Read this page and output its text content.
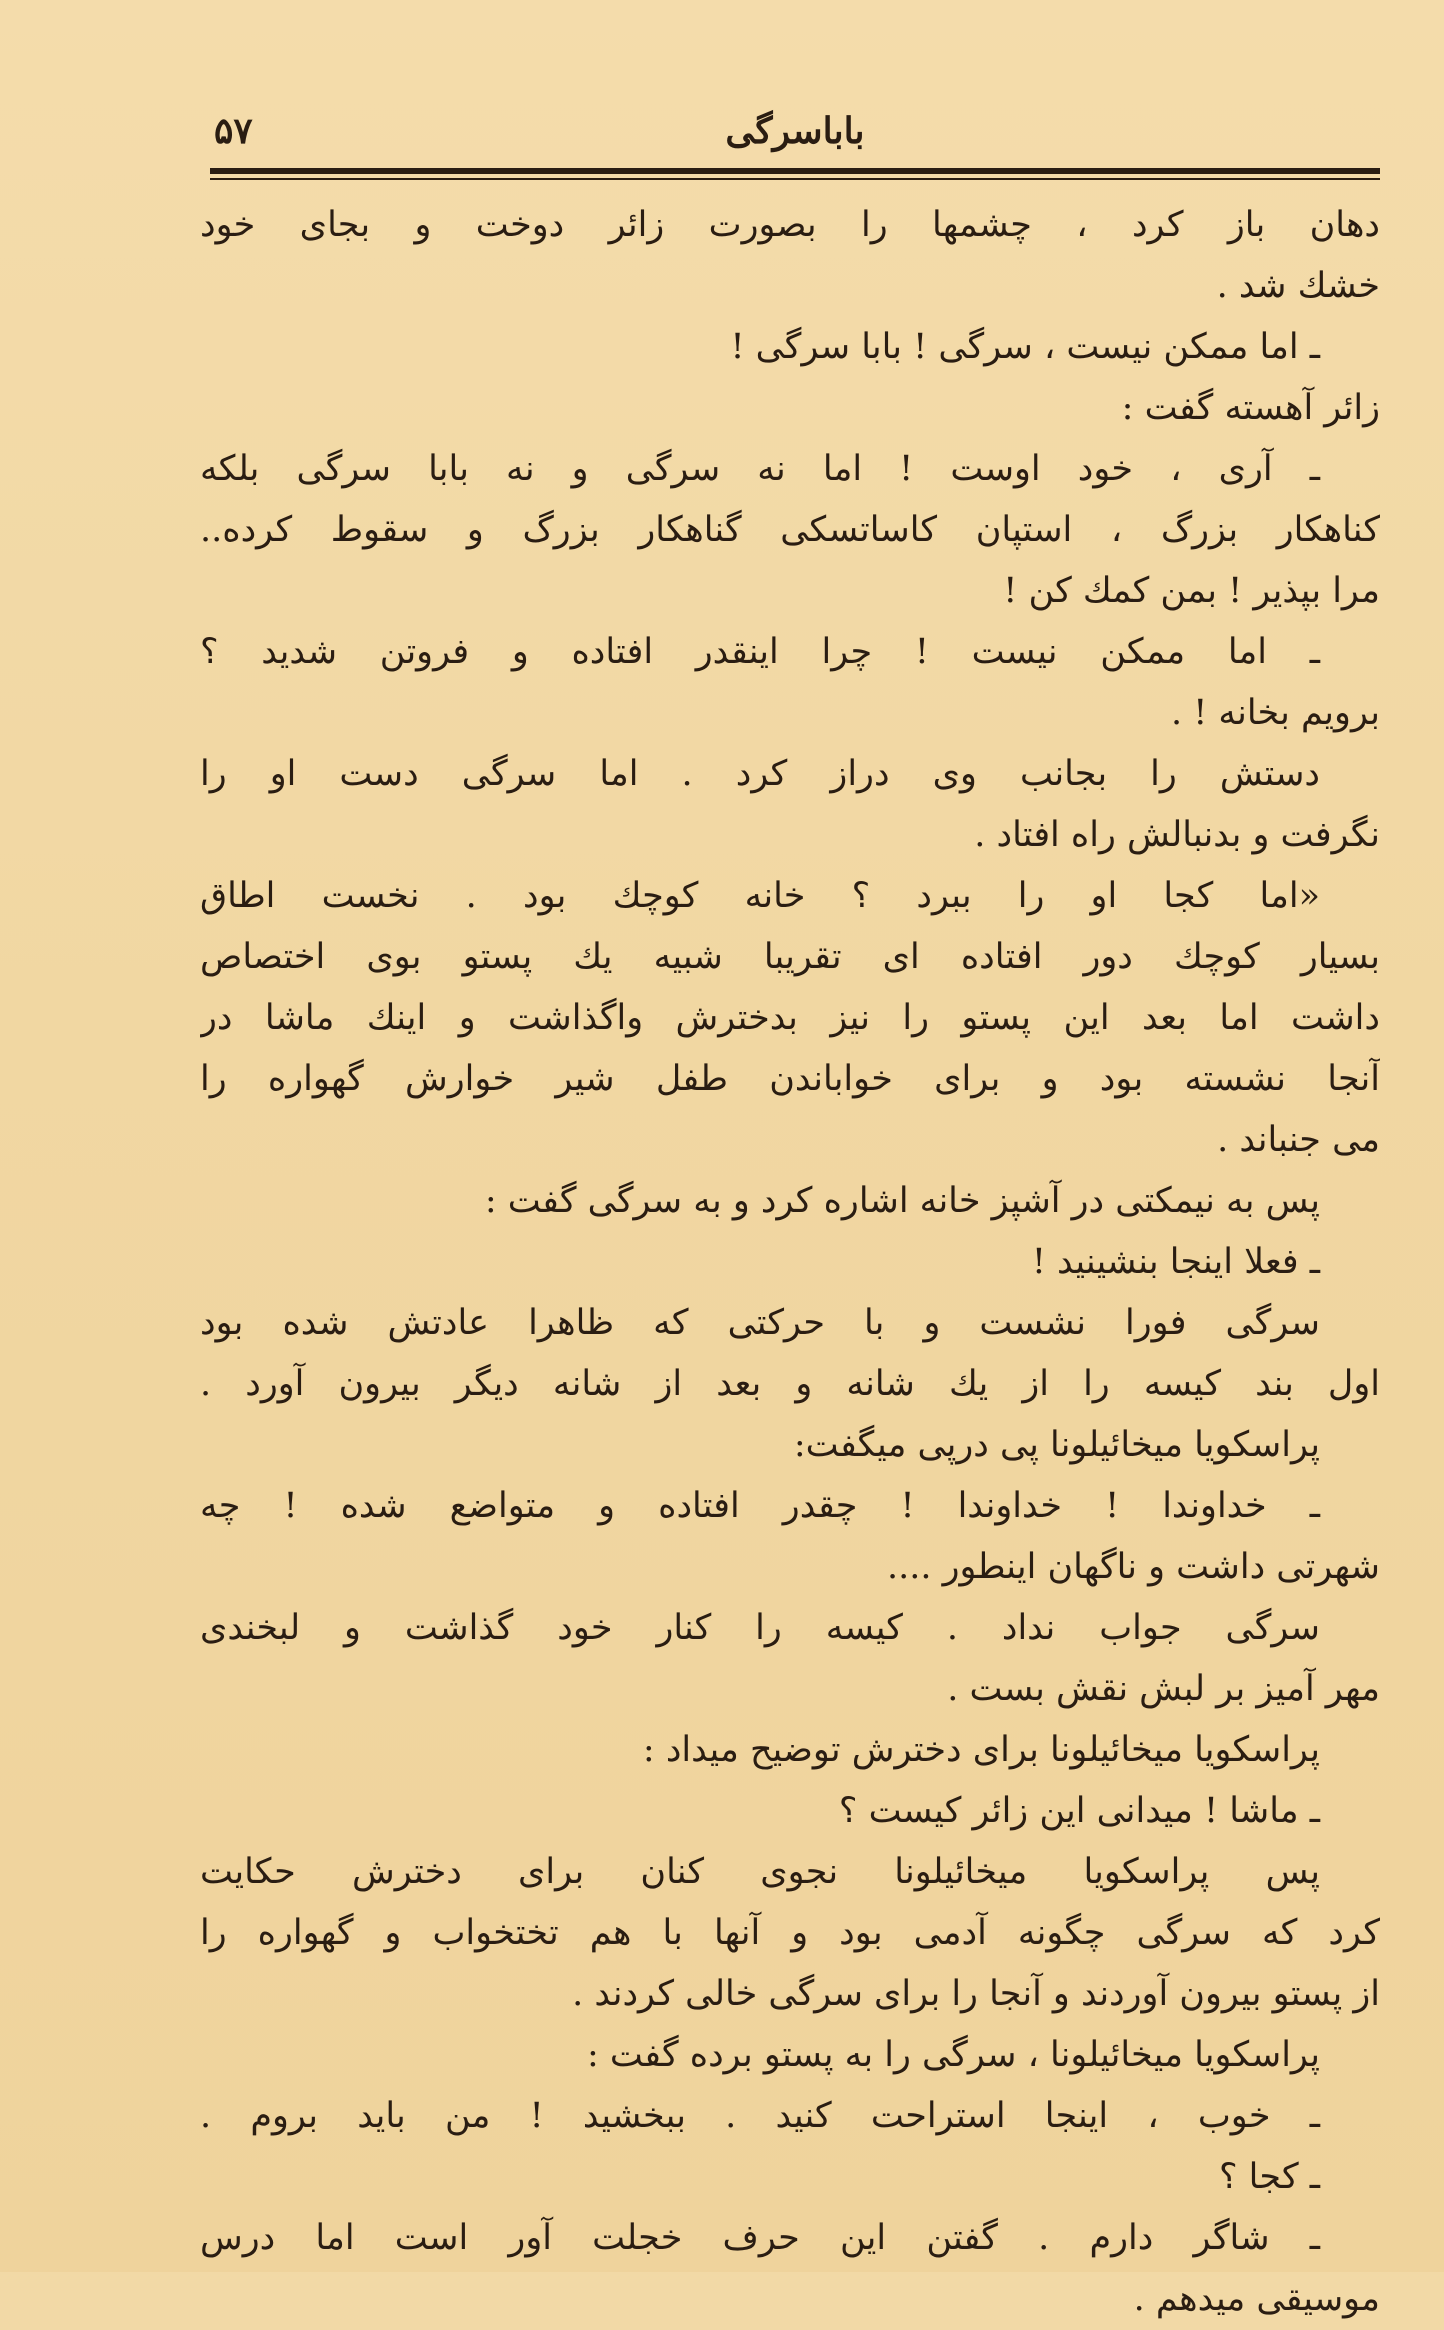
۵۷	باباسرگی
دهان باز کرد ، چشمها را بصورت زائر دوخت و بجای خود
خشك شد .
ـ اما ممکن نیست ، سرگی ! بابا سرگی !
زائر آهسته گفت :
ـ آری ، خود اوست ! اما نه سرگی و نه بابا سرگی بلکه
کناهکار بزرگ ، استپان کاساتسکی گناهکار بزرگ و سقوط کرده..
مرا بپذیر ! بمن کمك کن !
ـ اما ممکن نیست ! چرا اینقدر افتاده و فروتن شدید ؟
برویم بخانه ! .
دستش را بجانب وی دراز کرد . اما سرگی دست او را
نگرفت و بدنبالش راه افتاد .
«اما کجا او را ببرد ؟ خانه کوچك بود . نخست اطاق
بسیار کوچك دور افتاده ای تقریبا شبیه یك پستو بوی اختصاص
داشت اما بعد این پستو را نیز بدخترش واگذاشت و اینك ماشا در
آنجا نشسته بود و برای خواباندن طفل شیر خوارش گهواره را
می جنباند .
پس به نیمکتی در آشپز خانه اشاره کرد و به سرگی گفت :
ـ فعلا اینجا بنشینید !
سرگی فورا نشست و با حرکتی که ظاهرا عادتش شده بود
اول بند کیسه را از یك شانه و بعد از شانه دیگر بیرون آورد .
پراسکویا میخائیلونا پی درپی میگفت:
ـ خداوندا ! خداوندا ! چقدر افتاده و متواضع شده ! چه
شهرتی داشت و ناگهان اینطور ....
سرگی جواب نداد . کیسه را کنار خود گذاشت و لبخندی
مهر آمیز بر لبش نقش بست .
پراسکویا میخائیلونا برای دخترش توضیح میداد :
ـ ماشا ! میدانی این زائر کیست ؟
پس پراسکویا میخائیلونا نجوی کنان برای دخترش حکایت
کرد که سرگی چگونه آدمی بود و آنها با هم تختخواب و گهواره را
از پستو بیرون آوردند و آنجا را برای سرگی خالی کردند .
پراسکویا میخائیلونا ، سرگی را به پستو برده گفت :
ـ خوب ، اینجا استراحت کنید . ببخشید ! من باید بروم .
ـ کجا ؟
ـ شاگر دارم . گفتن این حرف خجلت آور است اما درس
موسیقی میدهم .
